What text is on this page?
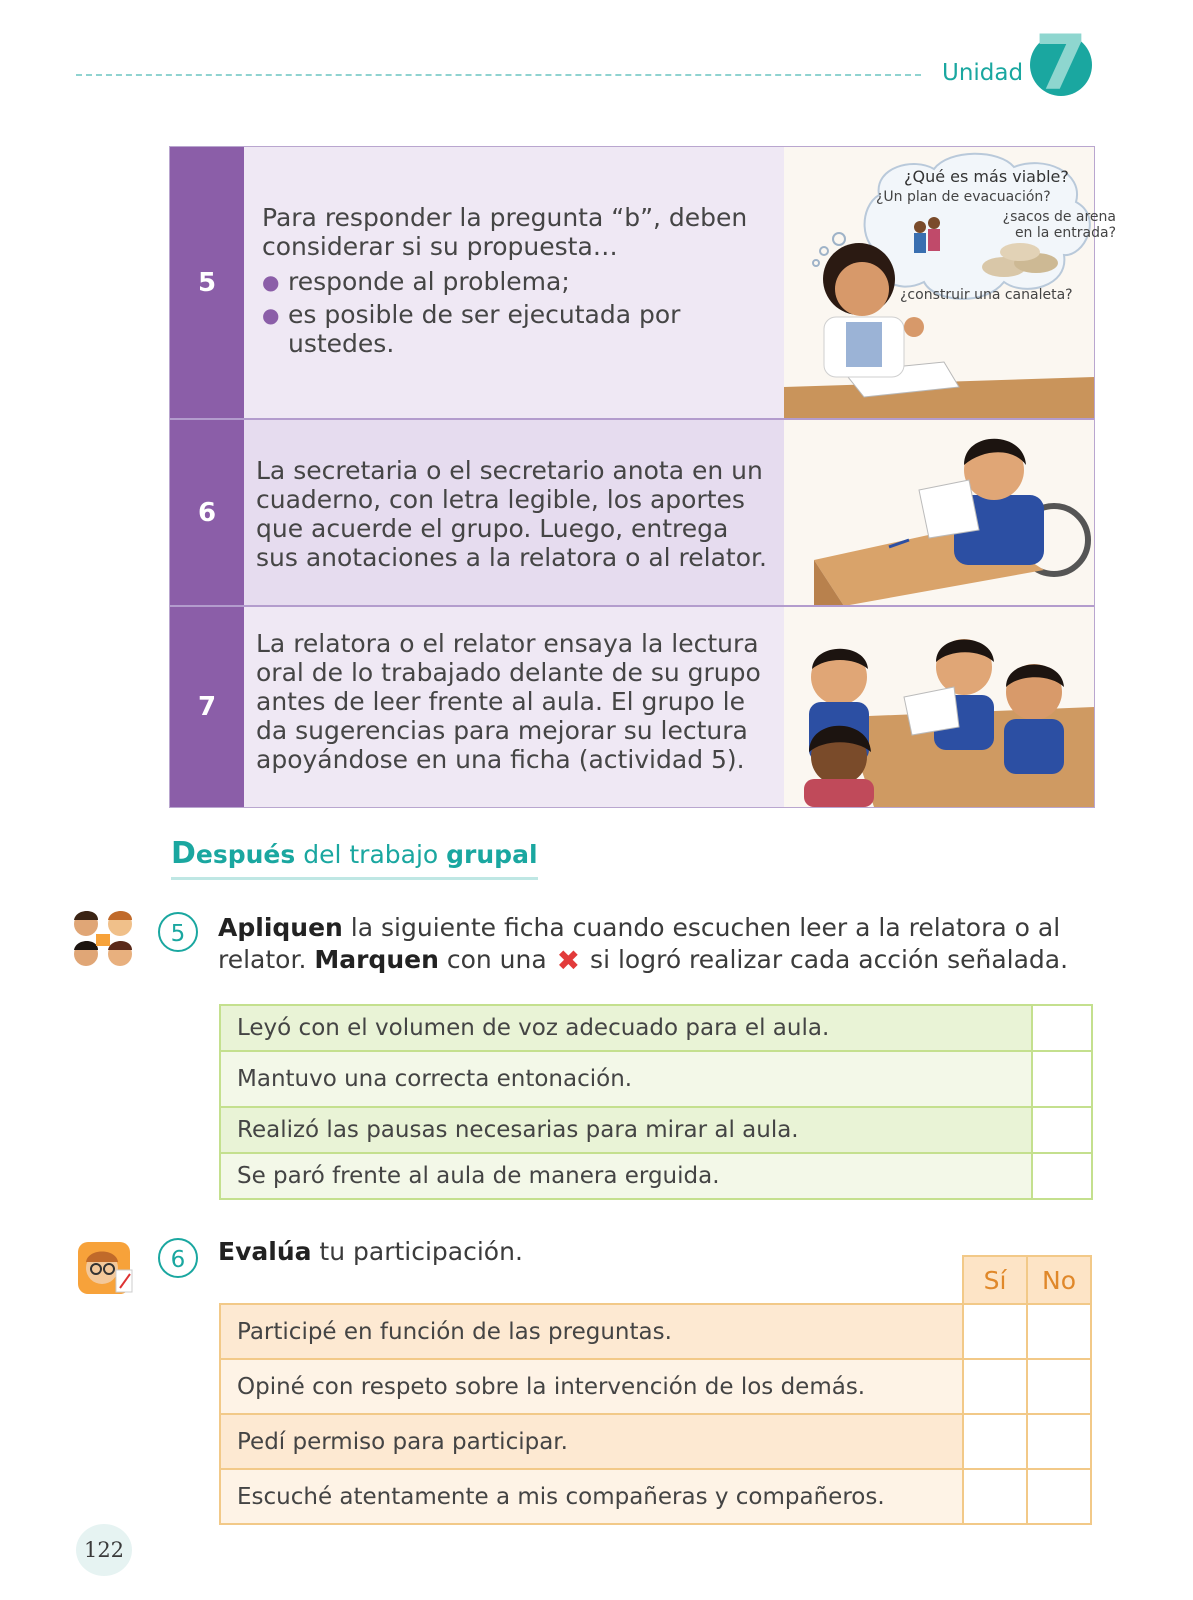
Unidad 7
5
Para responder la pregunta “b”, deben considerar si su propuesta…
● responde al problema;
● es posible de ser ejecutada por ustedes.
¿Qué es más viable?
¿Un plan de evacuación?
¿sacos de arena en la entrada?
¿construir una canaleta?
6
La secretaria o el secretario anota en un cuaderno, con letra legible, los aportes que acuerde el grupo. Luego, entrega sus anotaciones a la relatora o al relator.
7
La relatora o el relator ensaya la lectura oral de lo trabajado delante de su grupo antes de leer frente al aula. El grupo le da sugerencias para mejorar su lectura apoyándose en una ficha (actividad 5).
Después del trabajo grupal
5	Apliquen la siguiente ficha cuando escuchen leer a la relatora o al relator. Marquen con una ✖ si logró realizar cada acción señalada.
Leyó con el volumen de voz adecuado para el aula.	
Mantuvo una correcta entonación.	
Realizó las pausas necesarias para mirar al aula.	
Se paró frente al aula de manera erguida.	
6	Evalúa tu participación.
	Sí	No
Participé en función de las preguntas.		
Opiné con respeto sobre la intervención de los demás.		
Pedí permiso para participar.		
Escuché atentamente a mis compañeras y compañeros.		
122
